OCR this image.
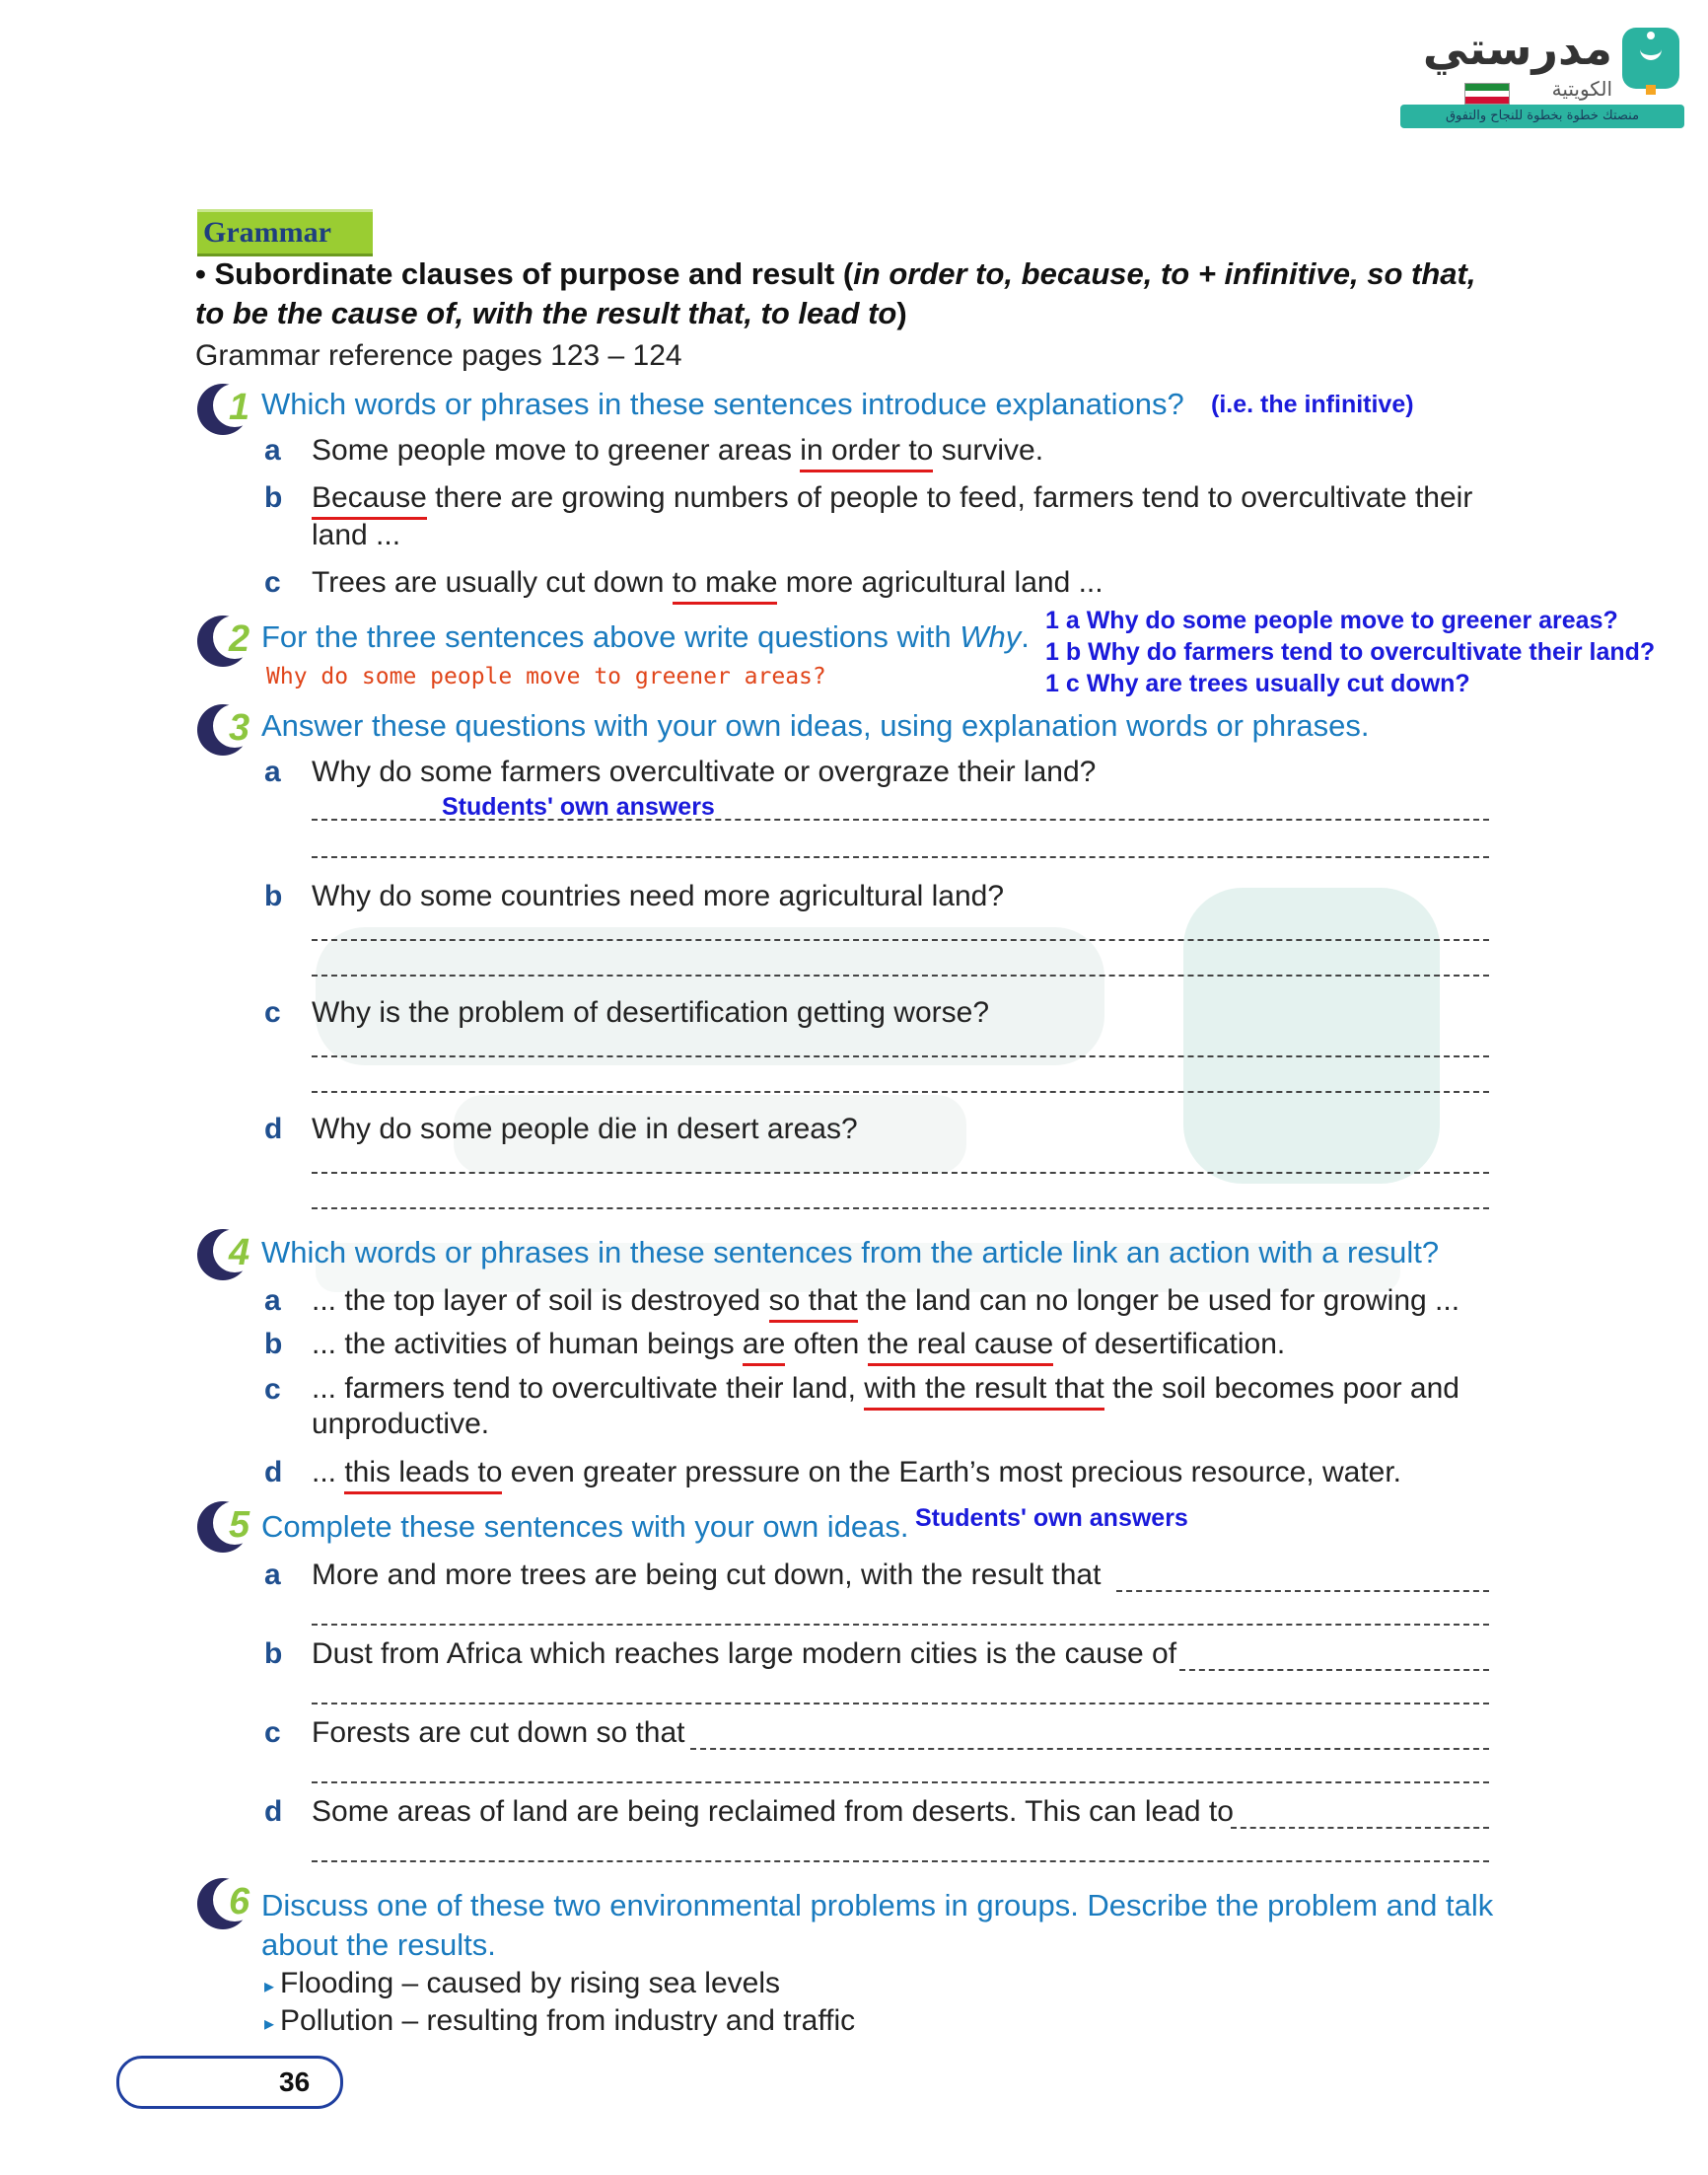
مدرستي
الكويتية
منصتك خطوة بخطوة للنجاح والتفوق
Grammar
• Subordinate clauses of purpose and result (in order to, because, to + infinitive, so that,
to be the cause of, with the result that, to lead to)
Grammar reference pages 123 – 124
1 Which words or phrases in these sentences introduce explanations? (i.e. the infinitive)
a Some people move to greener areas in order to survive.
b Because there are growing numbers of people to feed, farmers tend to overcultivate their
land ...
c Trees are usually cut down to make more agricultural land ...
2 For the three sentences above write questions with Why.
Why do some people move to greener areas?
1 a Why do some people move to greener areas?
1 b Why do farmers tend to overcultivate their land?
1 c Why are trees usually cut down?
3 Answer these questions with your own ideas, using explanation words or phrases.
a Why do some farmers overcultivate or overgraze their land?
Students' own answers
b Why do some countries need more agricultural land?
c Why is the problem of desertification getting worse?
d Why do some people die in desert areas?
4 Which words or phrases in these sentences from the article link an action with a result?
a ... the top layer of soil is destroyed so that the land can no longer be used for growing ...
b ... the activities of human beings are often the real cause of desertification.
c ... farmers tend to overcultivate their land, with the result that the soil becomes poor and
unproductive.
d ... this leads to even greater pressure on the Earth’s most precious resource, water.
5 Complete these sentences with your own ideas. Students' own answers
a More and more trees are being cut down, with the result that
b Dust from Africa which reaches large modern cities is the cause of
c Forests are cut down so that
d Some areas of land are being reclaimed from deserts. This can lead to
6 Discuss one of these two environmental problems in groups. Describe the problem and talk
about the results.
▸ Flooding – caused by rising sea levels
▸ Pollution – resulting from industry and traffic
36
